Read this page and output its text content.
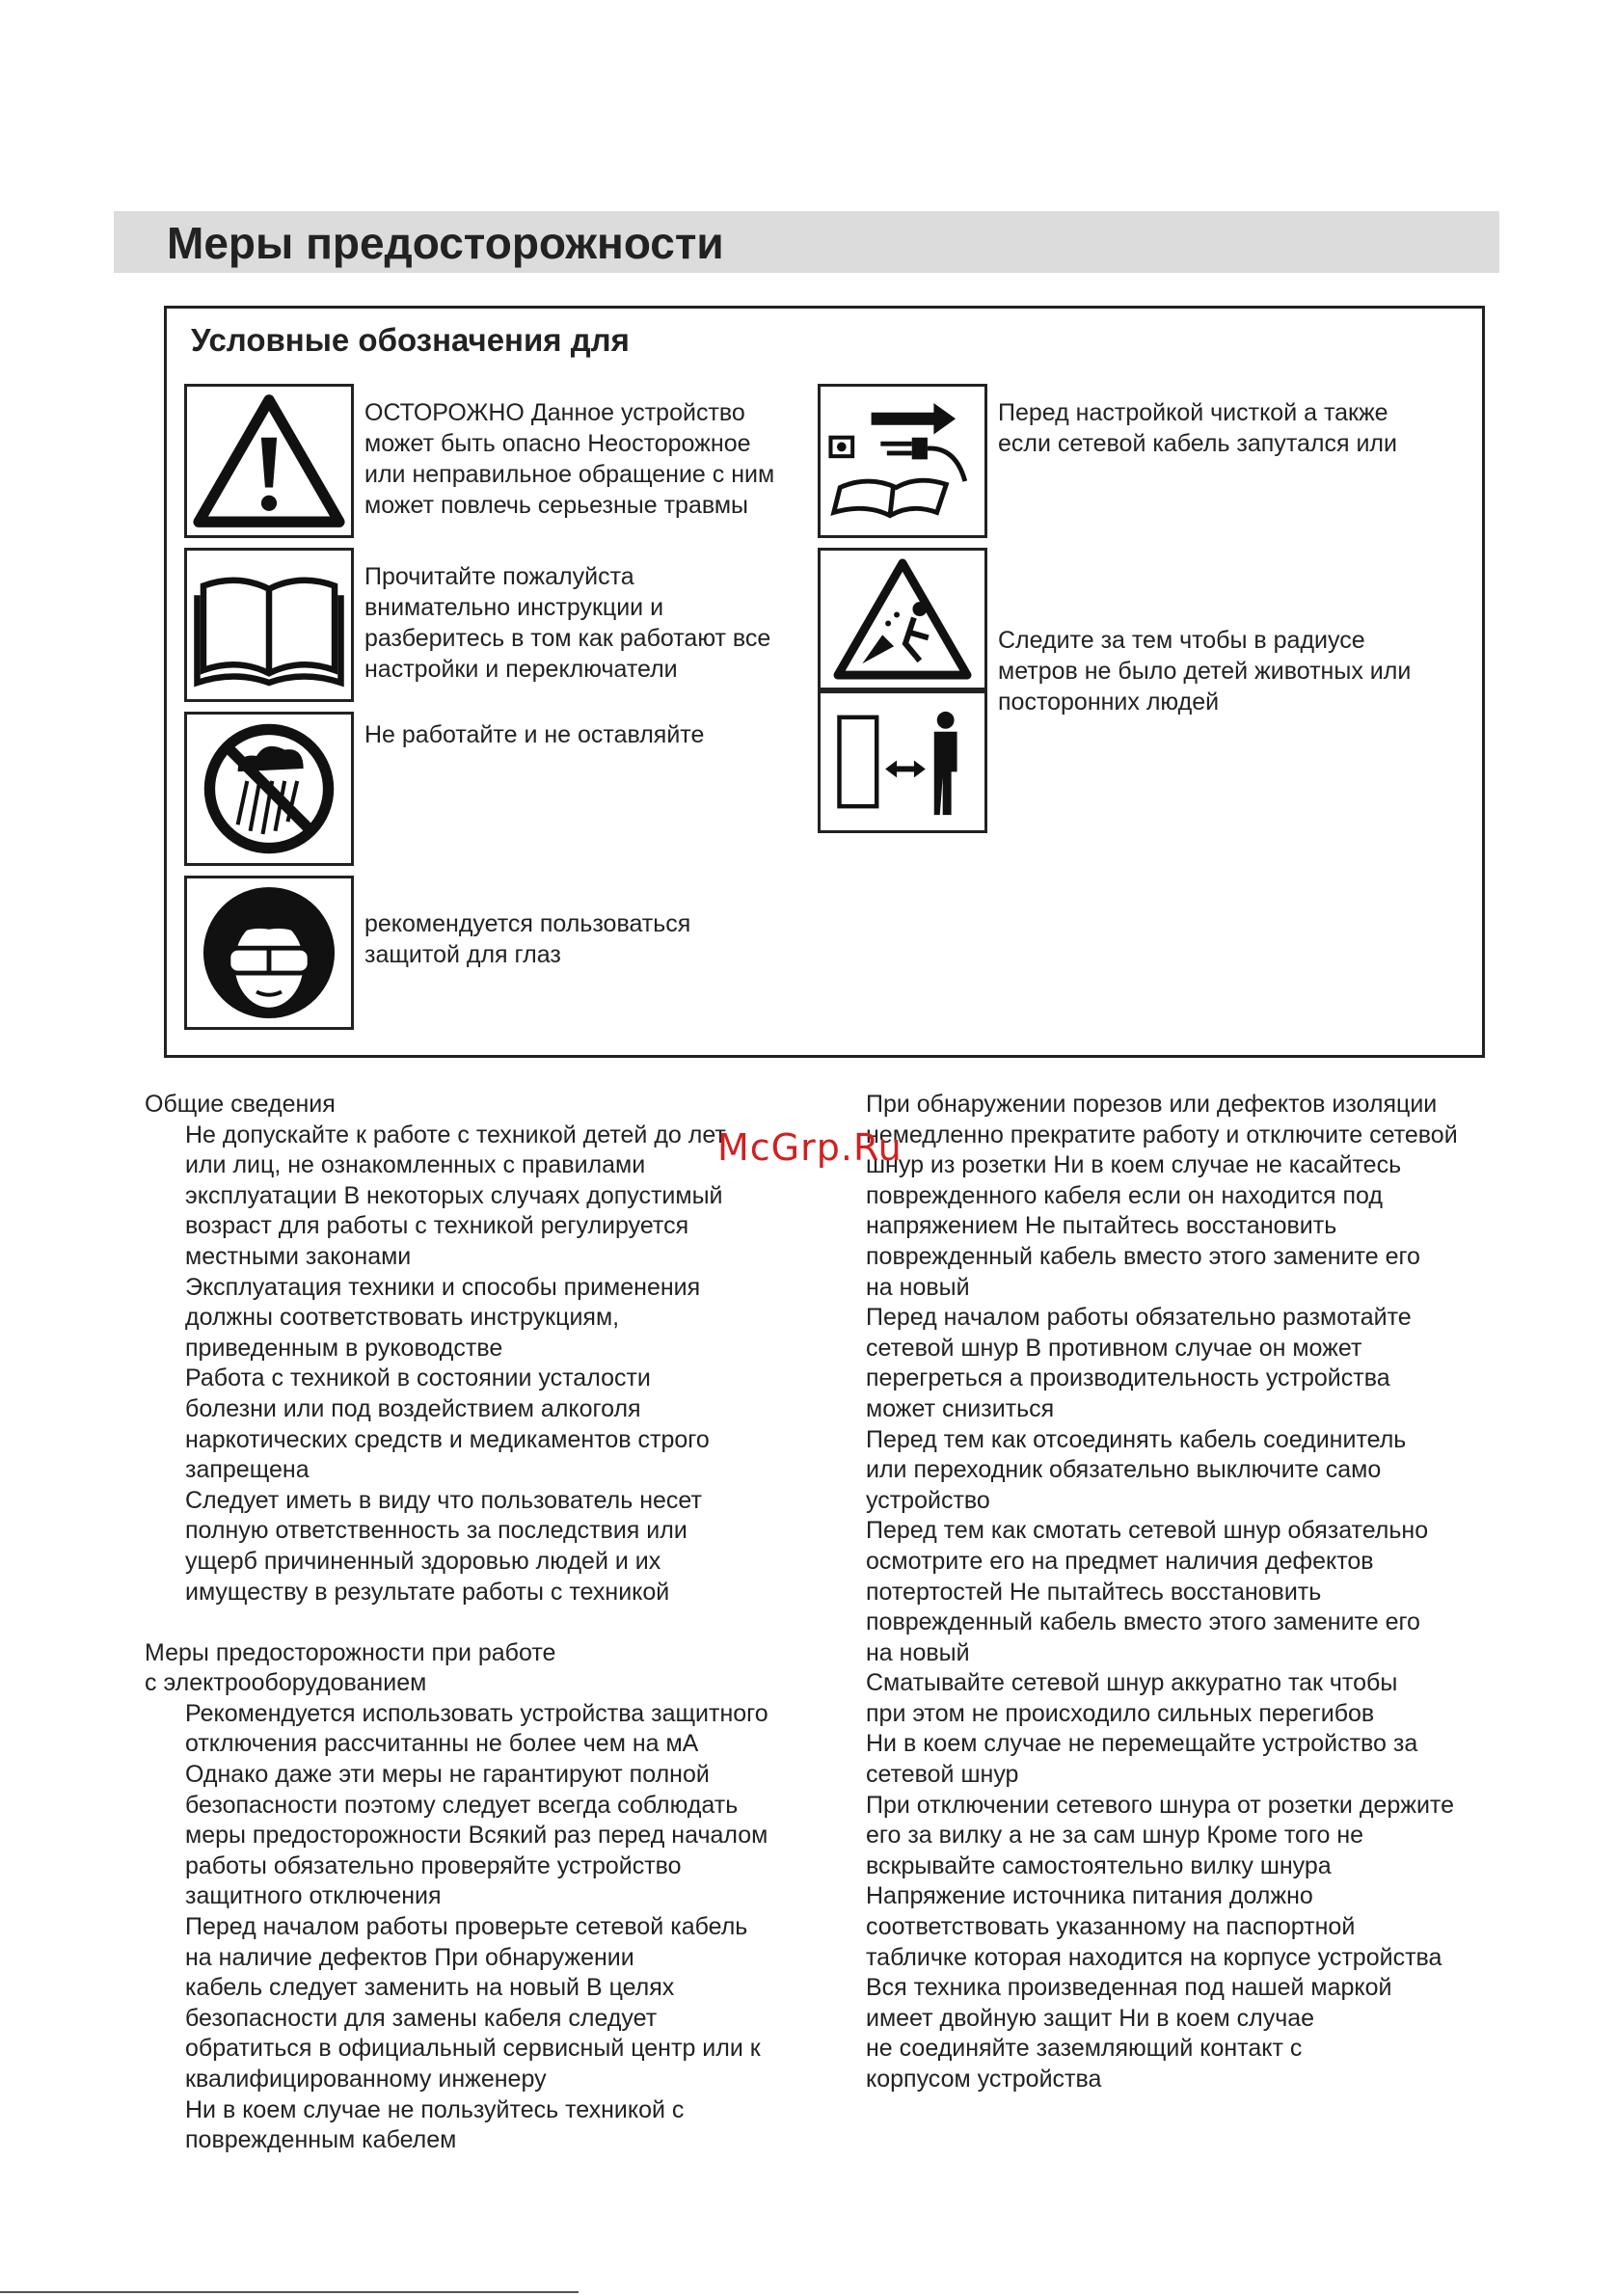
Меры предосторожности
Условные обозначения для

ОСТОРОЖНО Данное устройство
может быть опасно Неосторожное
или неправильное обращение с ним
может повлечь серьезные травмы

Прочитайте пожалуйста
внимательно инструкции и
разберитесь в том как работают все
настройки и переключатели

Не работайте и не оставляйте

рекомендуется пользоваться
защитой для глаз

Перед настройкой чисткой а также
если сетевой кабель запутался или

Следите за тем чтобы в радиусе
метров не было детей животных или
посторонних людей

Общие сведения

Не допускайте к работе с техникой детей до лет
или лиц, не ознакомленных с правилами
эксплуатации В некоторых случаях допустимый
возраст для работы с техникой регулируется
местными законами

Эксплуатация техники и способы применения
должны соответствовать инструкциям,
приведенным в руководстве

Работа с техникой в состоянии усталости
болезни или под воздействием алкоголя
наркотических средств и медикаментов строго
запрещена

Следует иметь в виду что пользователь несет
полную ответственность за последствия или
ущерб причиненный здоровью людей и их
имуществу в результате работы с техникой

Меры предосторожности при работе
с электрооборудованием

Рекомендуется использовать устройства защитного
отключения рассчитанны не более чем на мА
Однако даже эти меры не гарантируют полной
безопасности поэтому следует всегда соблюдать
меры предосторожности Всякий раз перед началом
работы обязательно проверяйте устройство
защитного отключения

Перед началом работы проверьте сетевой кабель
на наличие дефектов При обнаружении
кабель следует заменить на новый В целях
безопасности для замены кабеля следует
обратиться в официальный сервисный центр или к
квалифицированному инженеру

Ни в коем случае не пользуйтесь техникой с
поврежденным кабелем

При обнаружении порезов или дефектов изоляции
немедленно прекратите работу и отключите сетевой
шнур из розетки Ни в коем случае не касайтесь
поврежденного кабеля если он находится под
напряжением Не пытайтесь восстановить
поврежденный кабель вместо этого замените его
на новый

Перед началом работы обязательно размотайте
сетевой шнур В противном случае он может
перегреться а производительность устройства
может снизиться

Перед тем как отсоединять кабель соединитель
или переходник обязательно выключите само
устройство

Перед тем как смотать сетевой шнур обязательно
осмотрите его на предмет наличия дефектов
потертостей Не пытайтесь восстановить
поврежденный кабель вместо этого замените его
на новый

Сматывайте сетевой шнур аккуратно так чтобы
при этом не происходило сильных перегибов

Ни в коем случае не перемещайте устройство за
сетевой шнур

При отключении сетевого шнура от розетки держите
его за вилку а не за сам шнур Кроме того не
вскрывайте самостоятельно вилку шнура

Напряжение источника питания должно
соответствовать указанному на паспортной
табличке которая находится на корпусе устройства

Вся техника произведенная под нашей маркой
имеет двойную защит Ни в коем случае
не соединяйте заземляющий контакт с
корпусом устройства

McGrp.Ru
